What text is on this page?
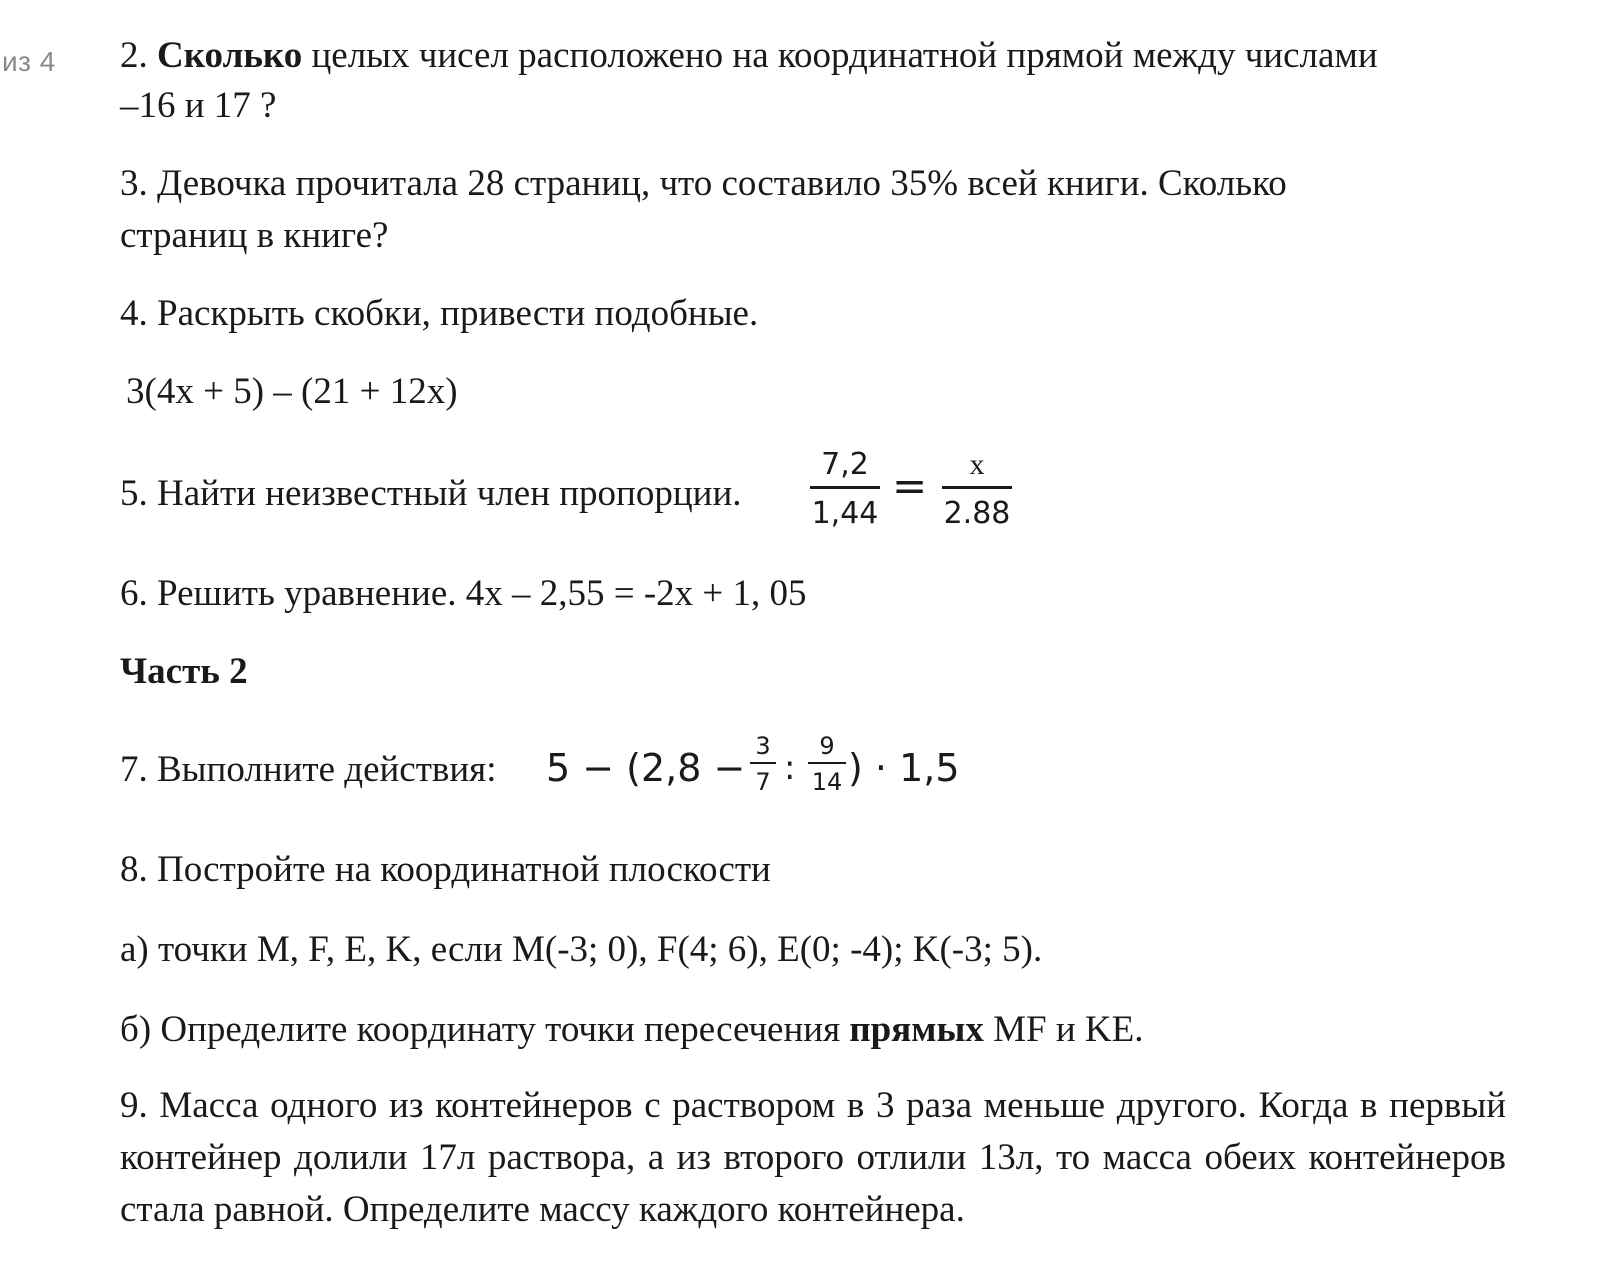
из 4 2. Сколько целых чисел расположено на координатной прямой между числами
–16 и 17 ?
3. Девочка прочитала 28 страниц, что составило 35% всей книги. Сколько
страниц в книге?
4. Раскрыть скобки, привести подобные.
3(4x + 5) – (21 + 12x)
5. Найти неизвестный член пропорции.
7,2
1,44
=	x
2.88
6. Решить уравнение. 4x – 2,55 = -2x + 1, 05
Часть 2
7. Выполните действия: 5 − (2,8 − 3
7 :
9
14 ) · 1,5
8. Постройте на координатной плоскости
а) точки M, F, E, K, если M(-3; 0), F(4; 6), E(0; -4); K(-3; 5).
б) Определите координату точки пересечения прямых MF и KE.
9. Масса одного из контейнеров с раствором в 3 раза меньше другого. Когда в первый контейнер долили 17л раствора, а из второго отлили 13л, то масса обеих контейнеров стала равной. Определите массу каждого контейнера.
